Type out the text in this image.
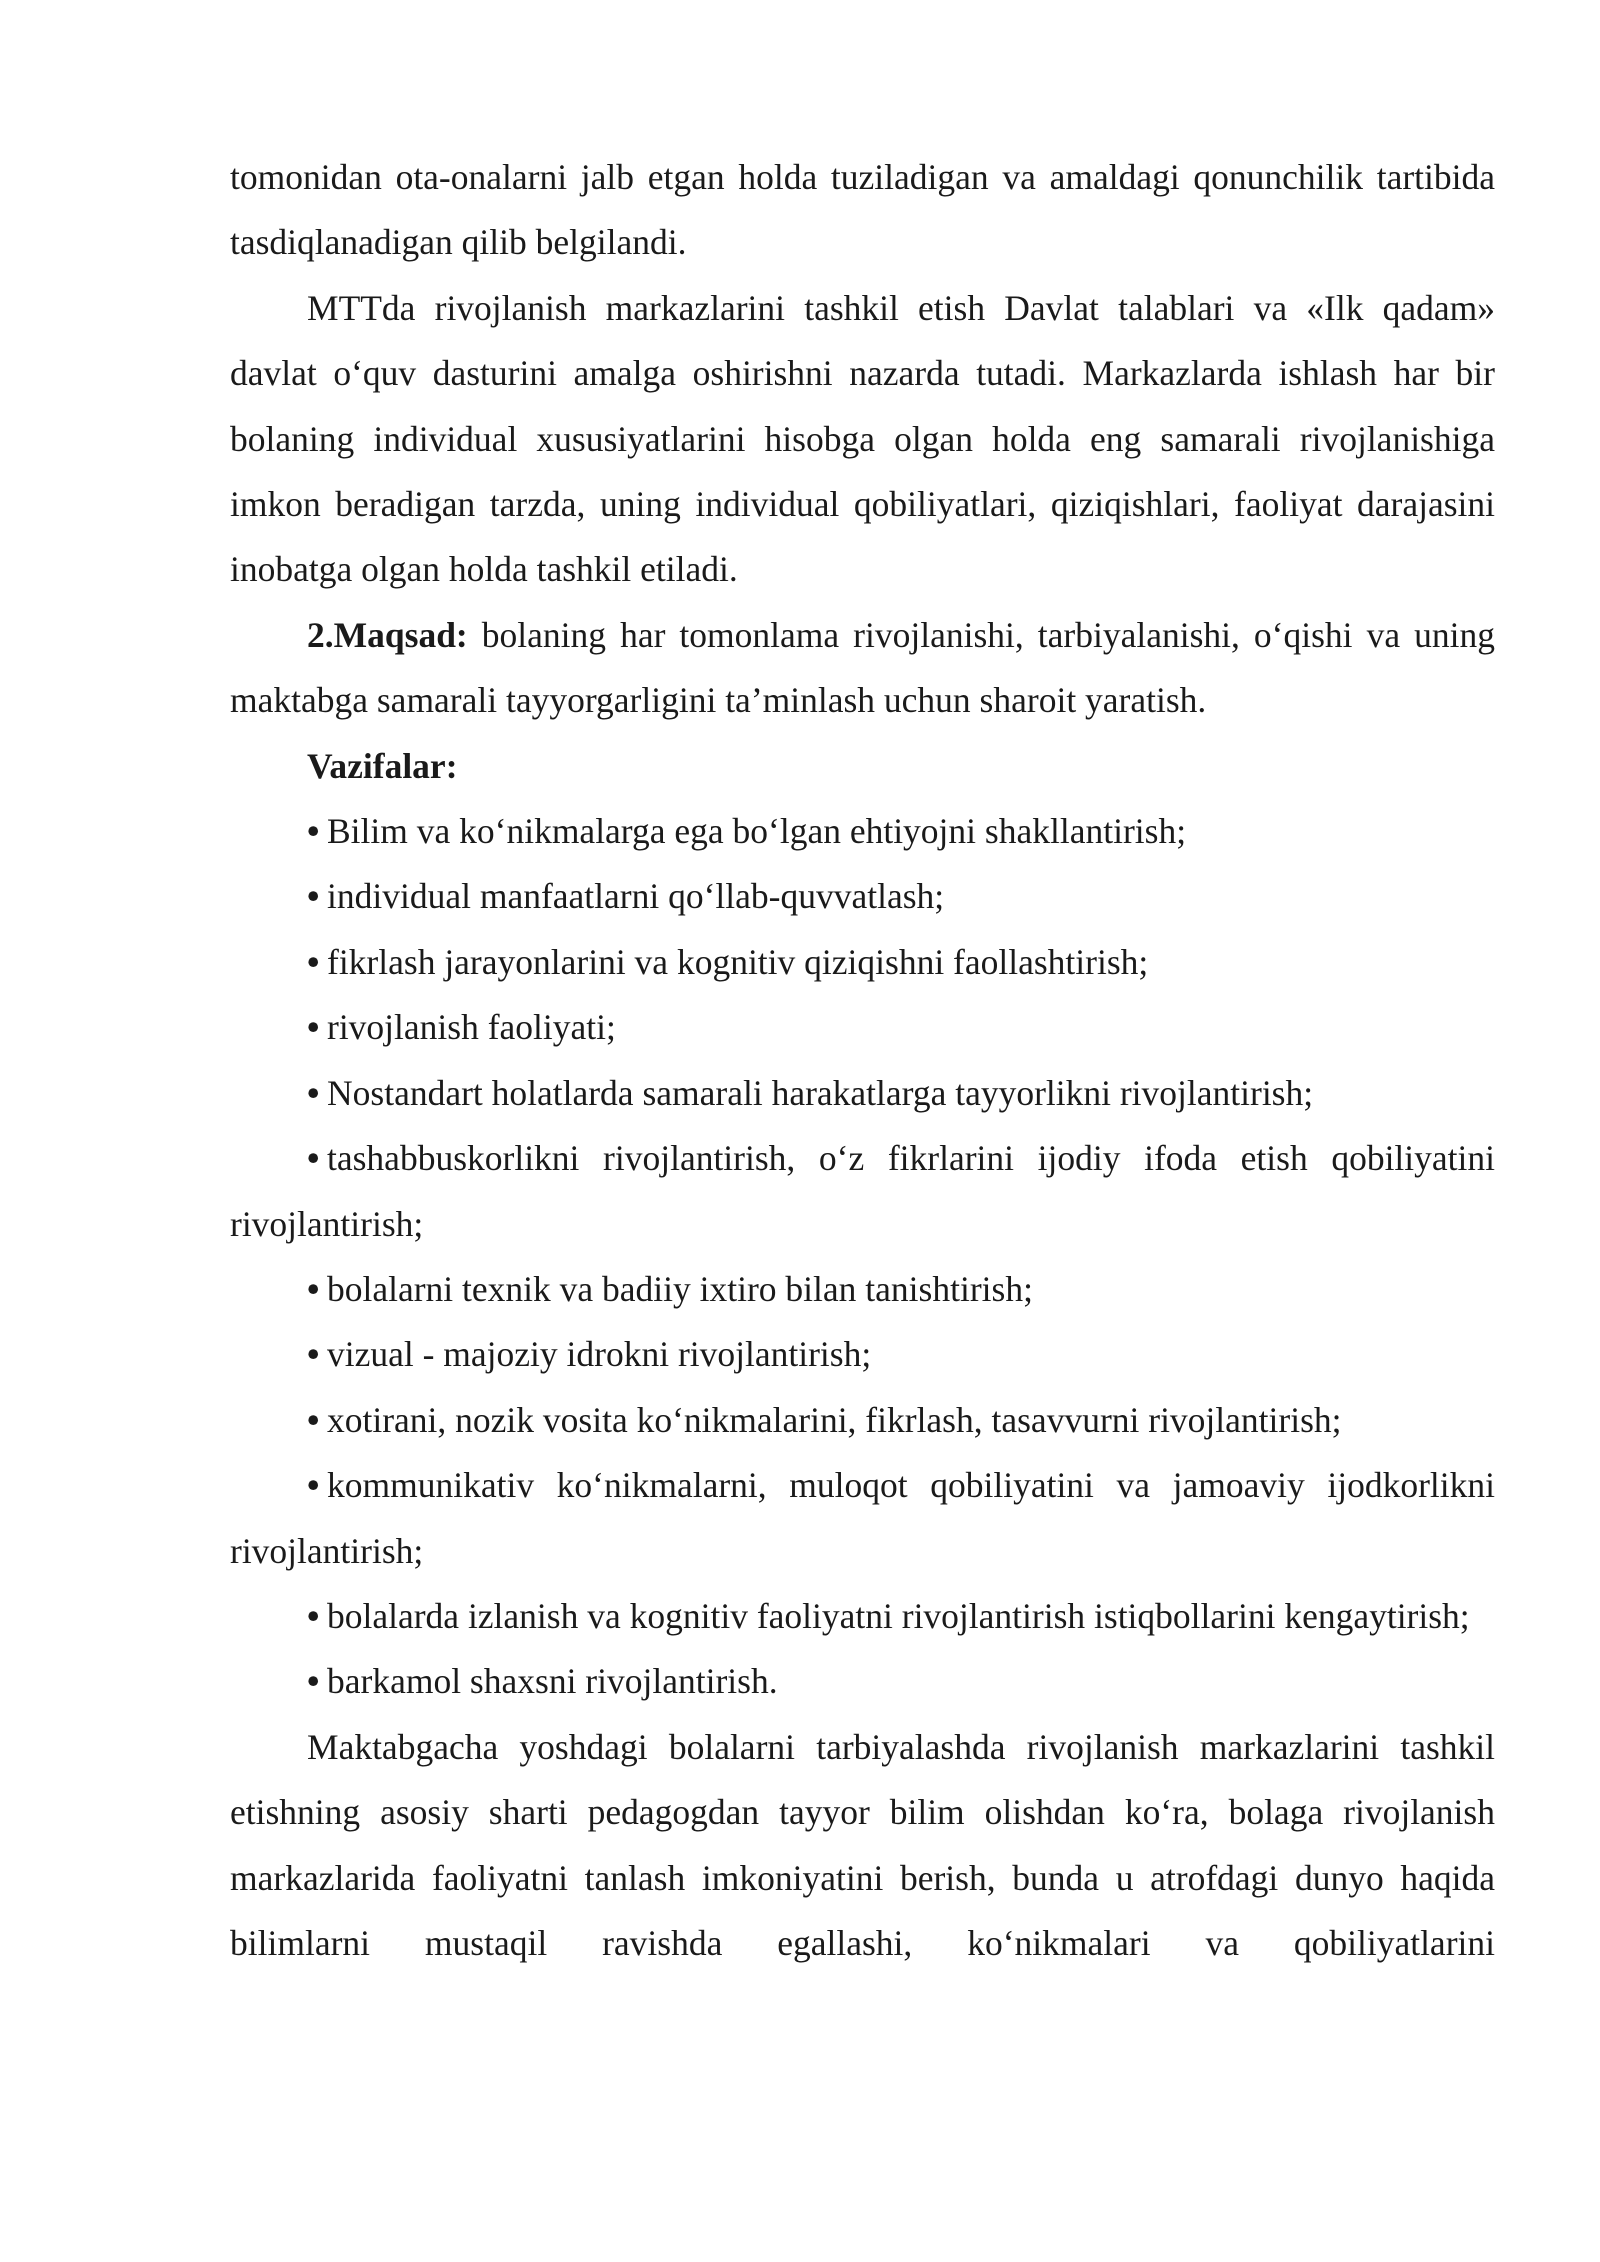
tomonidan ota-onalarni jalb etgan holda tuziladigan va amaldagi qonunchilik tartibida tasdiqlanadigan qilib belgilandi.

MTTda rivojlanish markazlarini tashkil etish Davlat talablari va «Ilk qadam» davlat o‘quv dasturini amalga oshirishni nazarda tutadi. Markazlarda ishlash har bir bolaning individual xususiyatlarini hisobga olgan holda eng samarali rivojlanishiga imkon beradigan tarzda, uning individual qobiliyatlari, qiziqishlari, faoliyat darajasini inobatga olgan holda tashkil etiladi.

2.Maqsad: bolaning har tomonlama rivojlanishi, tarbiyalanishi, o‘qishi va uning maktabga samarali tayyorgarligini ta’minlash uchun sharoit yaratish.

Vazifalar:

• Bilim va ko‘nikmalarga ega bo‘lgan ehtiyojni shakllantirish;

• individual manfaatlarni qo‘llab-quvvatlash;

• fikrlash jarayonlarini va kognitiv qiziqishni faollashtirish;

• rivojlanish faoliyati;

• Nostandart holatlarda samarali harakatlarga tayyorlikni rivojlantirish;

• tashabbuskorlikni rivojlantirish, o‘z fikrlarini ijodiy ifoda etish qobiliyatini rivojlantirish;

• bolalarni texnik va badiiy ixtiro bilan tanishtirish;

• vizual - majoziy idrokni rivojlantirish;

• xotirani, nozik vosita ko‘nikmalarini, fikrlash, tasavvurni rivojlantirish;

• kommunikativ ko‘nikmalarni, muloqot qobiliyatini va jamoaviy ijodkorlikni rivojlantirish;

• bolalarda izlanish va kognitiv faoliyatni rivojlantirish istiqbollarini kengaytirish;

• barkamol shaxsni rivojlantirish.

Maktabgacha yoshdagi bolalarni tarbiyalashda rivojlanish markazlarini tashkil etishning asosiy sharti pedagogdan tayyor bilim olishdan ko‘ra, bolaga rivojlanish markazlarida faoliyatni tanlash imkoniyatini berish, bunda u atrofdagi dunyo haqida bilimlarni mustaqil ravishda egallashi, ko‘nikmalari va qobiliyatlarini
